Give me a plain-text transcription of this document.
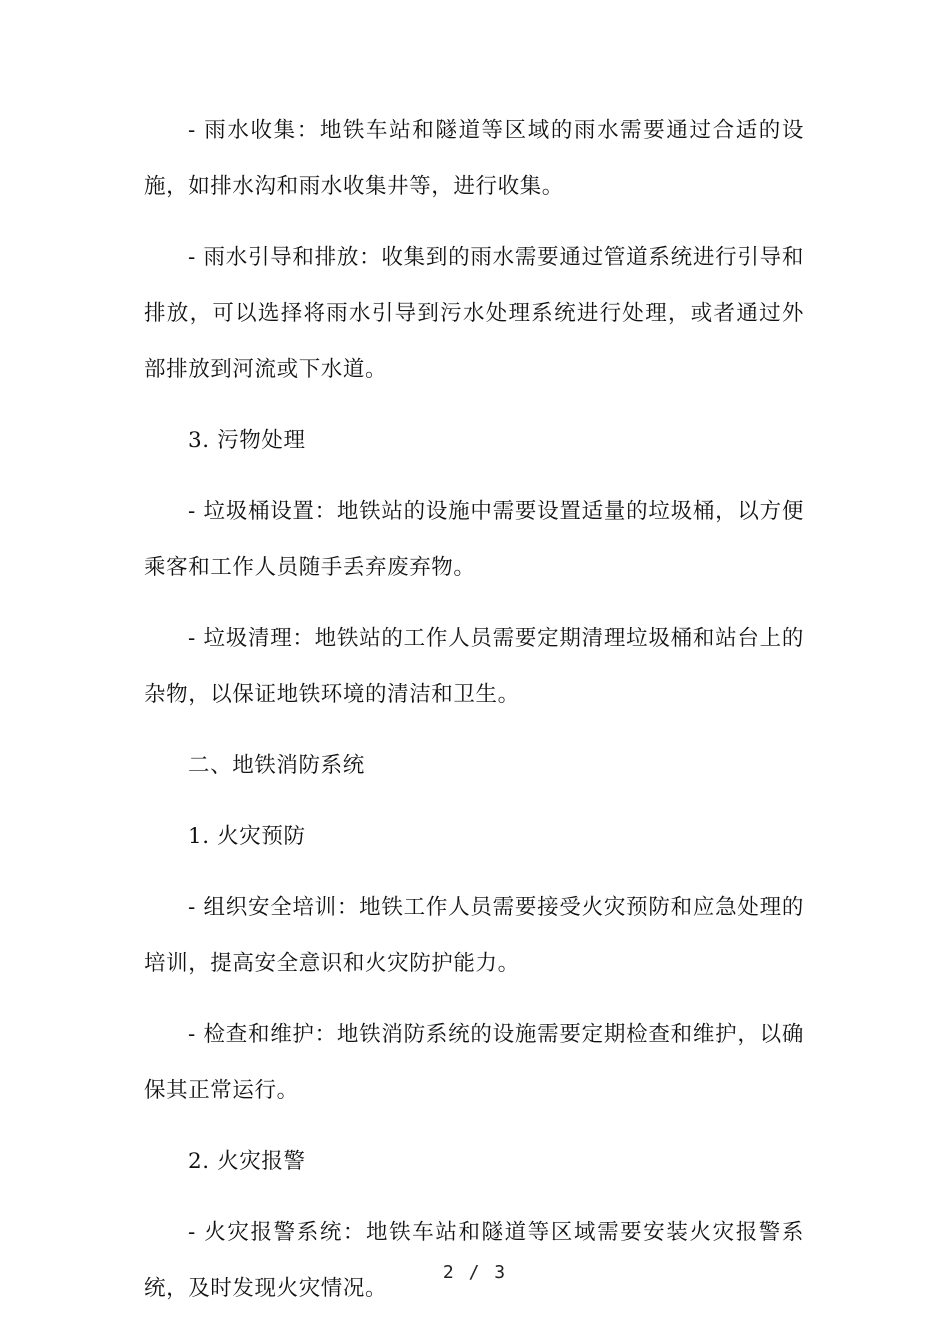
- 雨水收集：地铁车站和隧道等区域的雨水需要通过合适的设施，如排水沟和雨水收集井等，进行收集。

- 雨水引导和排放：收集到的雨水需要通过管道系统进行引导和排放，可以选择将雨水引导到污水处理系统进行处理，或者通过外部排放到河流或下水道。

3. 污物处理

- 垃圾桶设置：地铁站的设施中需要设置适量的垃圾桶，以方便乘客和工作人员随手丢弃废弃物。

- 垃圾清理：地铁站的工作人员需要定期清理垃圾桶和站台上的杂物，以保证地铁环境的清洁和卫生。

二、地铁消防系统

1. 火灾预防

- 组织安全培训：地铁工作人员需要接受火灾预防和应急处理的培训，提高安全意识和火灾防护能力。

- 检查和维护：地铁消防系统的设施需要定期检查和维护，以确保其正常运行。

2. 火灾报警

- 火灾报警系统：地铁车站和隧道等区域需要安装火灾报警系统，及时发现火灾情况。

2 / 3
